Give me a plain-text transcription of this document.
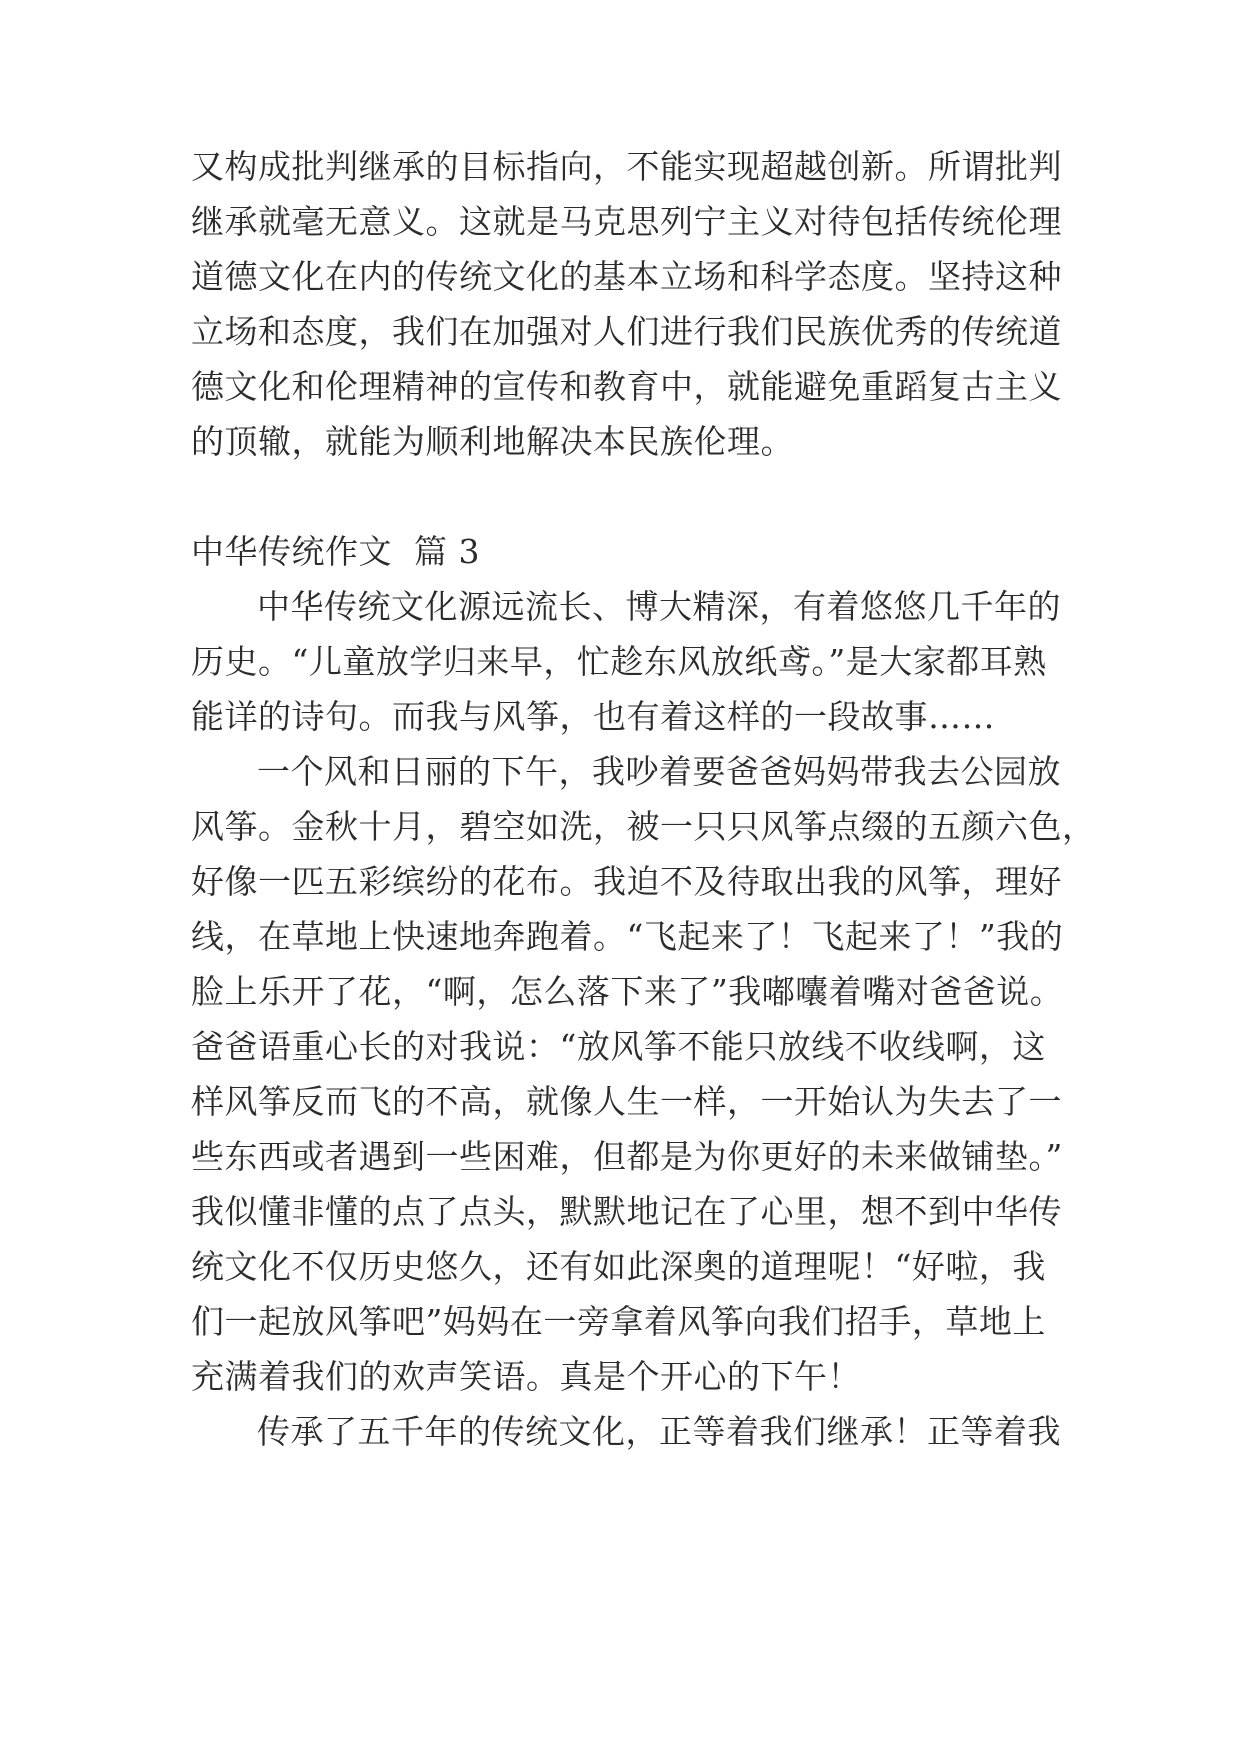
又构成批判继承的目标指向，不能实现超越创新。所谓批判

继承就毫无意义。这就是马克思列宁主义对待包括传统伦理

道德文化在内的传统文化的基本立场和科学态度。坚持这种

立场和态度，我们在加强对人们进行我们民族优秀的传统道

德文化和伦理精神的宣传和教育中，就能避免重蹈复古主义

的顶辙，就能为顺利地解决本民族伦理。

中华传统作文  篇 3

中华传统文化源远流长、博大精深，有着悠悠几千年的

历史。“儿童放学归来早，忙趁东风放纸鸢。”是大家都耳熟

能详的诗句。而我与风筝，也有着这样的一段故事……

一个风和日丽的下午，我吵着要爸爸妈妈带我去公园放

风筝。金秋十月，碧空如洗，被一只只风筝点缀的五颜六色，

好像一匹五彩缤纷的花布。我迫不及待取出我的风筝，理好

线，在草地上快速地奔跑着。“飞起来了！飞起来了！”我的

脸上乐开了花，“啊，怎么落下来了”我嘟囔着嘴对爸爸说。

爸爸语重心长的对我说：“放风筝不能只放线不收线啊，这

样风筝反而飞的不高，就像人生一样，一开始认为失去了一

些东西或者遇到一些困难，但都是为你更好的未来做铺垫。”

我似懂非懂的点了点头，默默地记在了心里，想不到中华传

统文化不仅历史悠久，还有如此深奥的道理呢！“好啦，我

们一起放风筝吧”妈妈在一旁拿着风筝向我们招手，草地上

充满着我们的欢声笑语。真是个开心的下午！

传承了五千年的传统文化，正等着我们继承！正等着我
